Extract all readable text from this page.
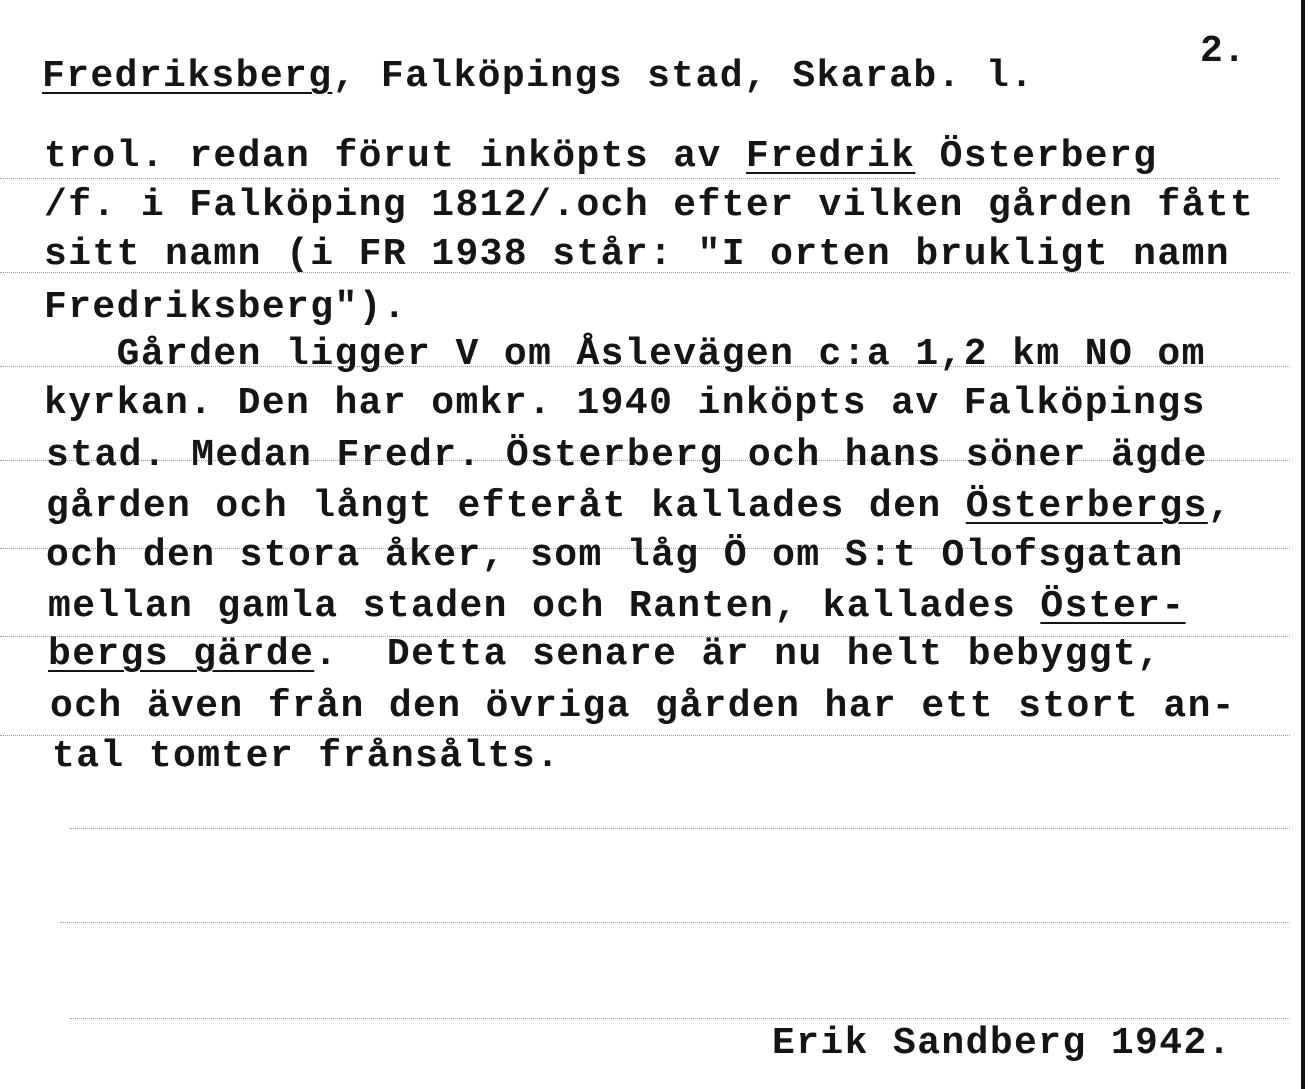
2.
Fredriksberg, Falköpings stad, Skarab. l.
trol. redan förut inköpts av Fredrik Österberg
/f. i Falköping 1812/.och efter vilken gården fått
sitt namn (i FR 1938 står: "I orten brukligt namn
Fredriksberg").
Gården ligger V om Åslevägen c:a 1,2 km NO om
kyrkan. Den har omkr. 1940 inköpts av Falköpings
stad. Medan Fredr. Österberg och hans söner ägde
gården och långt efteråt kallades den Österbergs,
och den stora åker, som låg Ö om S:t Olofsgatan
mellan gamla staden och Ranten, kallades Öster-
bergs gärde.  Detta senare är nu helt bebyggt,
och även från den övriga gården har ett stort an-
tal tomter frånsålts.
Erik Sandberg 1942.
